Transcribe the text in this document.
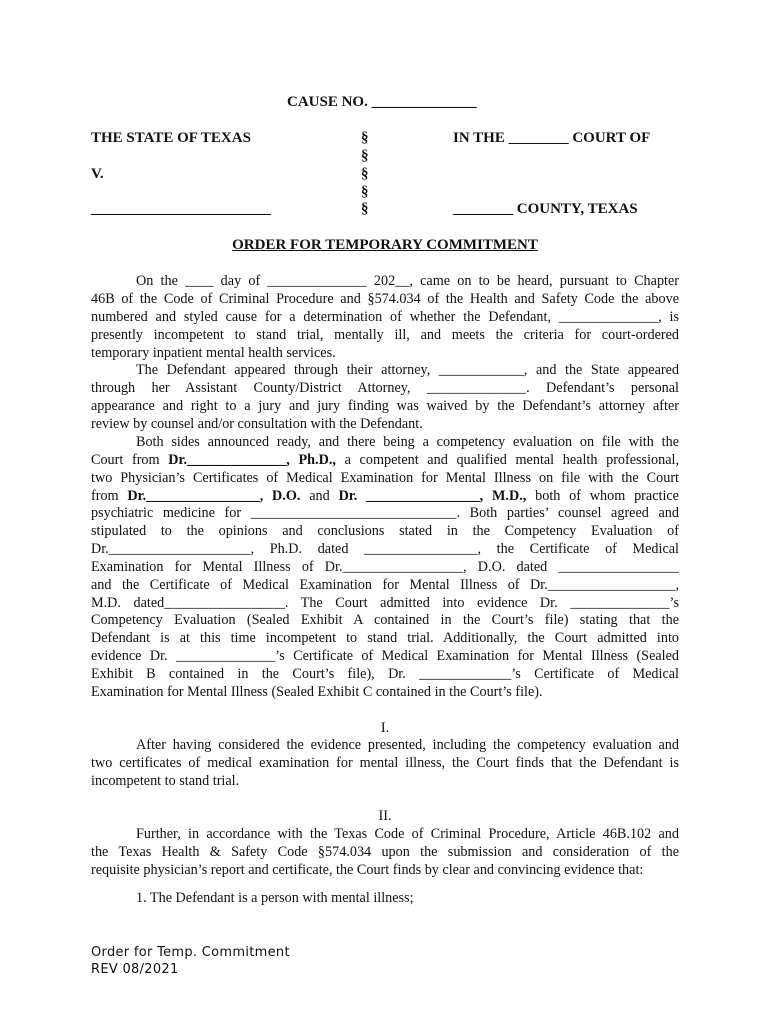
CAUSE NO. ______________
THE STATE OF TEXAS
V.
________________________
§
§
§
§
§
IN THE ________ COURT OF
________ COUNTY, TEXAS
ORDER FOR TEMPORARY COMMITMENT
On the ____ day of ______________ 202__, came on to be heard, pursuant to Chapter
46B of the Code of Criminal Procedure and §574.034 of the Health and Safety Code the above
numbered and styled cause for a determination of whether the Defendant, ______________, is
presently incompetent to stand trial, mentally ill, and meets the criteria for court-ordered
temporary inpatient mental health services.
The Defendant appeared through their attorney, ____________, and the State appeared
through her Assistant County/District Attorney, ______________. Defendant’s personal
appearance and right to a jury and jury finding was waived by the Defendant’s attorney after
review by counsel and/or consultation with the Defendant.
Both sides announced ready, and there being a competency evaluation on file with the
Court from Dr.______________, Ph.D., a competent and qualified mental health professional,
two Physician’s Certificates of Medical Examination for Mental Illness on file with the Court
from Dr.________________, D.O. and Dr. ________________, M.D., both of whom practice
psychiatric medicine for _____________________________. Both parties’ counsel agreed and
stipulated to the opinions and conclusions stated in the Competency Evaluation of
Dr.____________________, Ph.D. dated ________________, the Certificate of Medical
Examination for Mental Illness of Dr._________________, D.O. dated _________________
and the Certificate of Medical Examination for Mental Illness of Dr.__________________,
M.D. dated_________________. The Court admitted into evidence Dr. ______________’s
Competency Evaluation (Sealed Exhibit A contained in the Court’s file) stating that the
Defendant is at this time incompetent to stand trial. Additionally, the Court admitted into
evidence Dr. ______________’s Certificate of Medical Examination for Mental Illness (Sealed
Exhibit B contained in the Court’s file), Dr. _____________’s Certificate of Medical
Examination for Mental Illness (Sealed Exhibit C contained in the Court’s file).
I.
After having considered the evidence presented, including the competency evaluation and
two certificates of medical examination for mental illness, the Court finds that the Defendant is
incompetent to stand trial.
II.
Further, in accordance with the Texas Code of Criminal Procedure, Article 46B.102 and
the Texas Health & Safety Code §574.034 upon the submission and consideration of the
requisite physician’s report and certificate, the Court finds by clear and convincing evidence that:
1. The Defendant is a person with mental illness;
Order for Temp. Commitment
REV 08/2021
